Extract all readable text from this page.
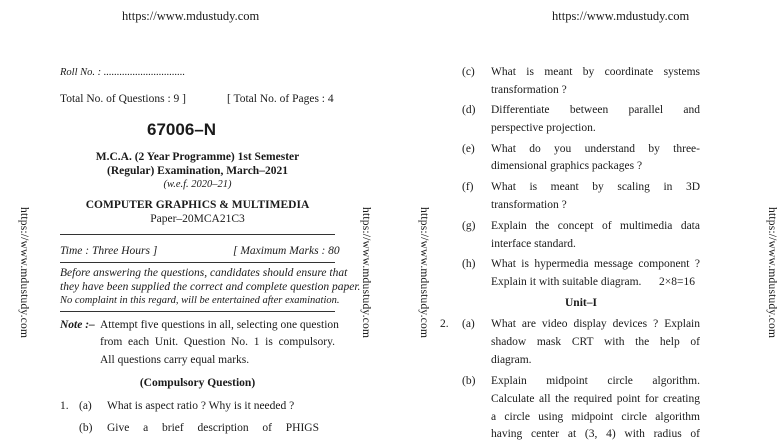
https://www.mdustudy.com	https://www.mdustudy.com
https://www.mdustudy.com	https://www.mdustudy.com	https://www.mdustudy.com	https://www.mdustudy.com
Roll No. : ...............................
Total No. of Questions : 9 ]	[ Total No. of Pages : 4
67006–N
M.C.A. (2 Year Programme) 1st Semester
(Regular) Examination, March–2021
(w.e.f. 2020–21)
COMPUTER GRAPHICS & MULTIMEDIA
Paper–20MCA21C3
Time : Three Hours ]	[ Maximum Marks : 80
Before answering the questions, candidates should ensure that
they have been supplied the correct and complete question paper.
No complaint in this regard, will be entertained after examination.
Note :– Attempt five questions in all, selecting one question
from each Unit. Question No. 1 is compulsory.
All questions carry equal marks.
(Compulsory Question)
1. (a) What is aspect ratio ? Why is it needed ?
(b) Give a brief description of PHIGS
(c) What is meant by coordinate systems
transformation ?
(d) Differentiate between parallel and
perspective projection.
(e) What do you understand by three-
dimensional graphics packages ?
(f) What is meant by scaling in 3D
transformation ?
(g) Explain the concept of multimedia data
interface standard.
(h) What is hypermedia message component ?
Explain it with suitable diagram. 2×8=16
Unit–I
2. (a) What are video display devices ? Explain
shadow mask CRT with the help of
diagram.
(b) Explain midpoint circle algorithm.
Calculate all the required point for creating
a circle using midpoint circle algorithm
having center at (3, 4) with radius of
